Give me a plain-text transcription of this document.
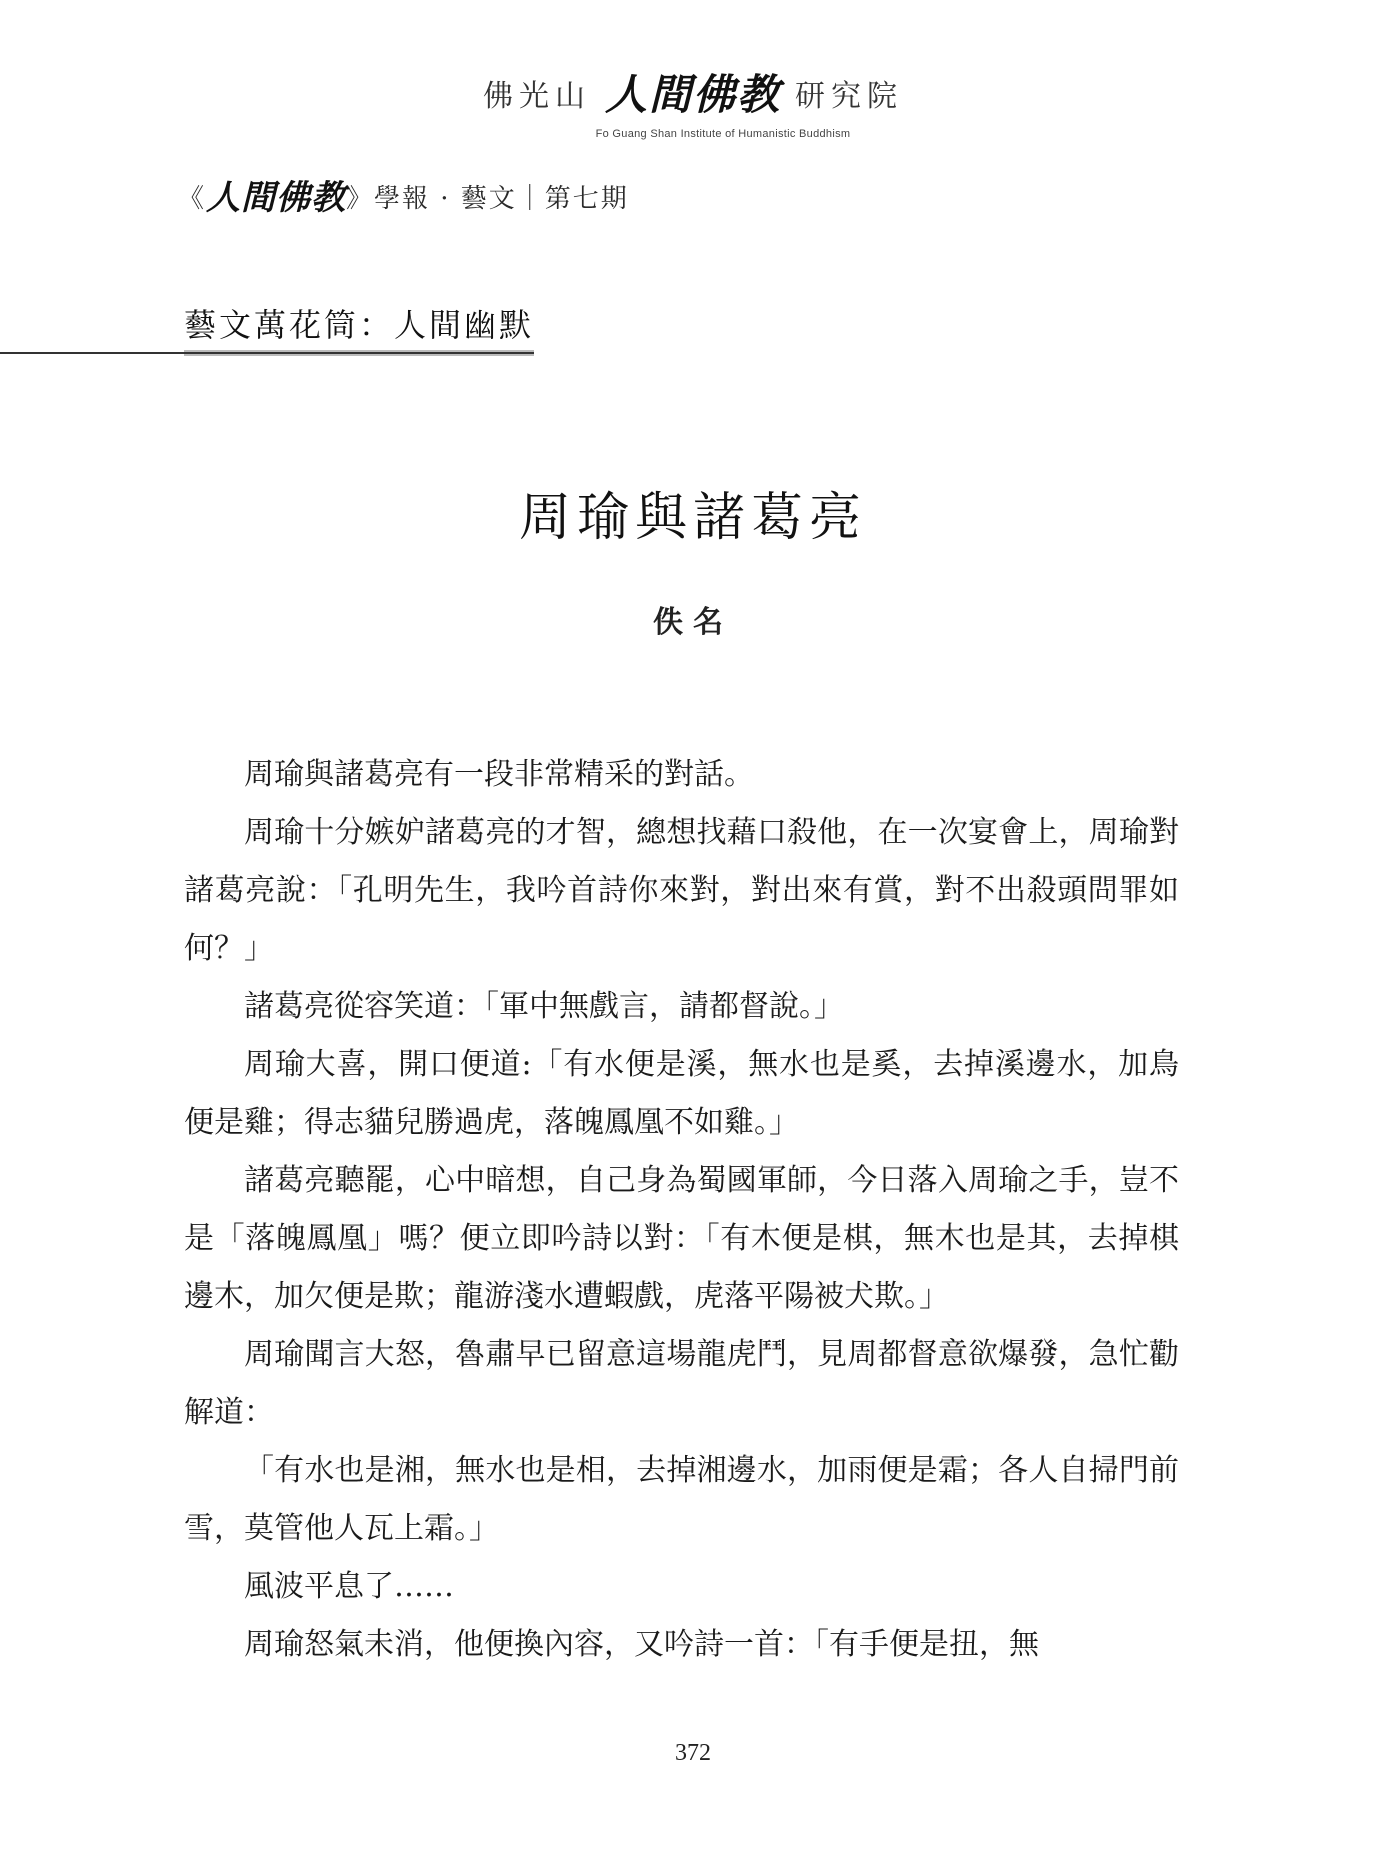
佛光山 人間佛教 研究院
Fo Guang Shan Institute of Humanistic Buddhism
《人間佛教》學報 · 藝文｜第七期
藝文萬花筒：人間幽默
周瑜與諸葛亮
佚名

周瑜與諸葛亮有一段非常精采的對話。

周瑜十分嫉妒諸葛亮的才智，總想找藉口殺他，在一次宴會上，周瑜對諸葛亮說：「孔明先生，我吟首詩你來對，對出來有賞，對不出殺頭問罪如何？」

諸葛亮從容笑道：「軍中無戲言，請都督說。」

周瑜大喜，開口便道:「有水便是溪，無水也是奚，去掉溪邊水，加鳥便是雞；得志貓兒勝過虎，落魄鳳凰不如雞。」

諸葛亮聽罷，心中暗想，自己身為蜀國軍師，今日落入周瑜之手，豈不是「落魄鳳凰」嗎？便立即吟詩以對：「有木便是棋，無木也是其，去掉棋邊木，加欠便是欺；龍游淺水遭蝦戲，虎落平陽被犬欺。」

周瑜聞言大怒，魯肅早已留意這場龍虎鬥，見周都督意欲爆發，急忙勸解道：

「有水也是湘，無水也是相，去掉湘邊水，加雨便是霜；各人自掃門前雪，莫管他人瓦上霜。」

風波平息了……

周瑜怒氣未消，他便換內容，又吟詩一首：「有手便是扭，無

372
